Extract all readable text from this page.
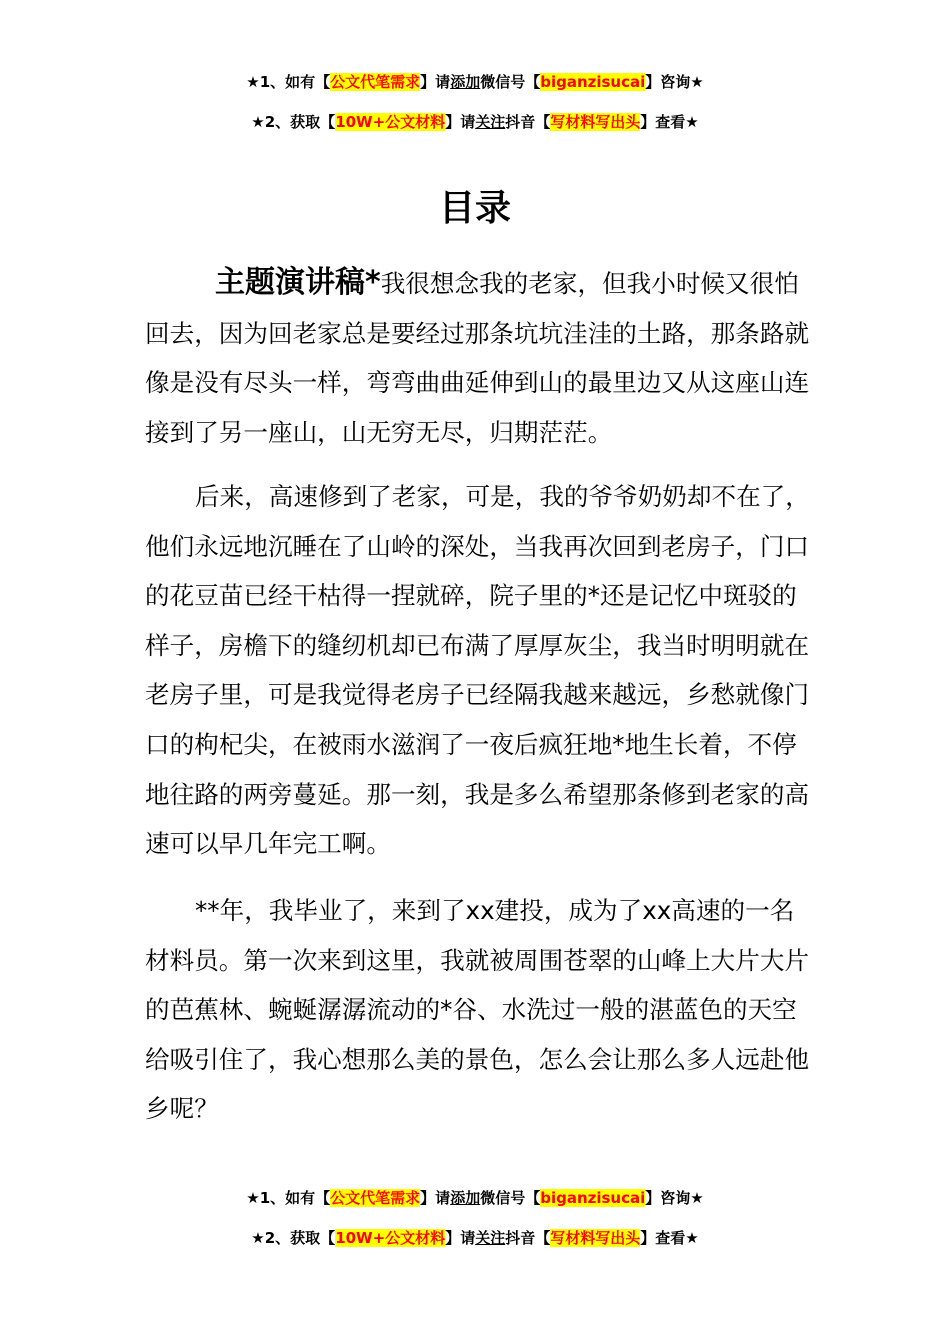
★1、如有【公文代笔需求】请添加微信号【biganzisucai】咨询★
★2、获取【10W+公文材料】请关注抖音【写材料写出头】查看★
目录
主题演讲稿*我很想念我的老家，但我小时候又很怕回去，因为回老家总是要经过那条坑坑洼洼的土路，那条路就像是没有尽头一样，弯弯曲曲延伸到山的最里边又从这座山连接到了另一座山，山无穷无尽，归期茫茫。
后来，高速修到了老家，可是，我的爷爷奶奶却不在了，他们永远地沉睡在了山岭的深处，当我再次回到老房子，门口的花豆苗已经干枯得一捏就碎，院子里的*还是记忆中斑驳的样子，房檐下的缝纫机却已布满了厚厚灰尘，我当时明明就在老房子里，可是我觉得老房子已经隔我越来越远，乡愁就像门口的枸杞尖，在被雨水滋润了一夜后疯狂地*地生长着，不停地往路的两旁蔓延。那一刻，我是多么希望那条修到老家的高速可以早几年完工啊。
**年，我毕业了，来到了xx建投，成为了xx高速的一名材料员。第一次来到这里，我就被周围苍翠的山峰上大片大片的芭蕉林、蜿蜒潺潺流动的*谷、水洗过一般的湛蓝色的天空给吸引住了，我心想那么美的景色，怎么会让那么多人远赴他乡呢？
★1、如有【公文代笔需求】请添加微信号【biganzisucai】咨询★
★2、获取【10W+公文材料】请关注抖音【写材料写出头】查看★
